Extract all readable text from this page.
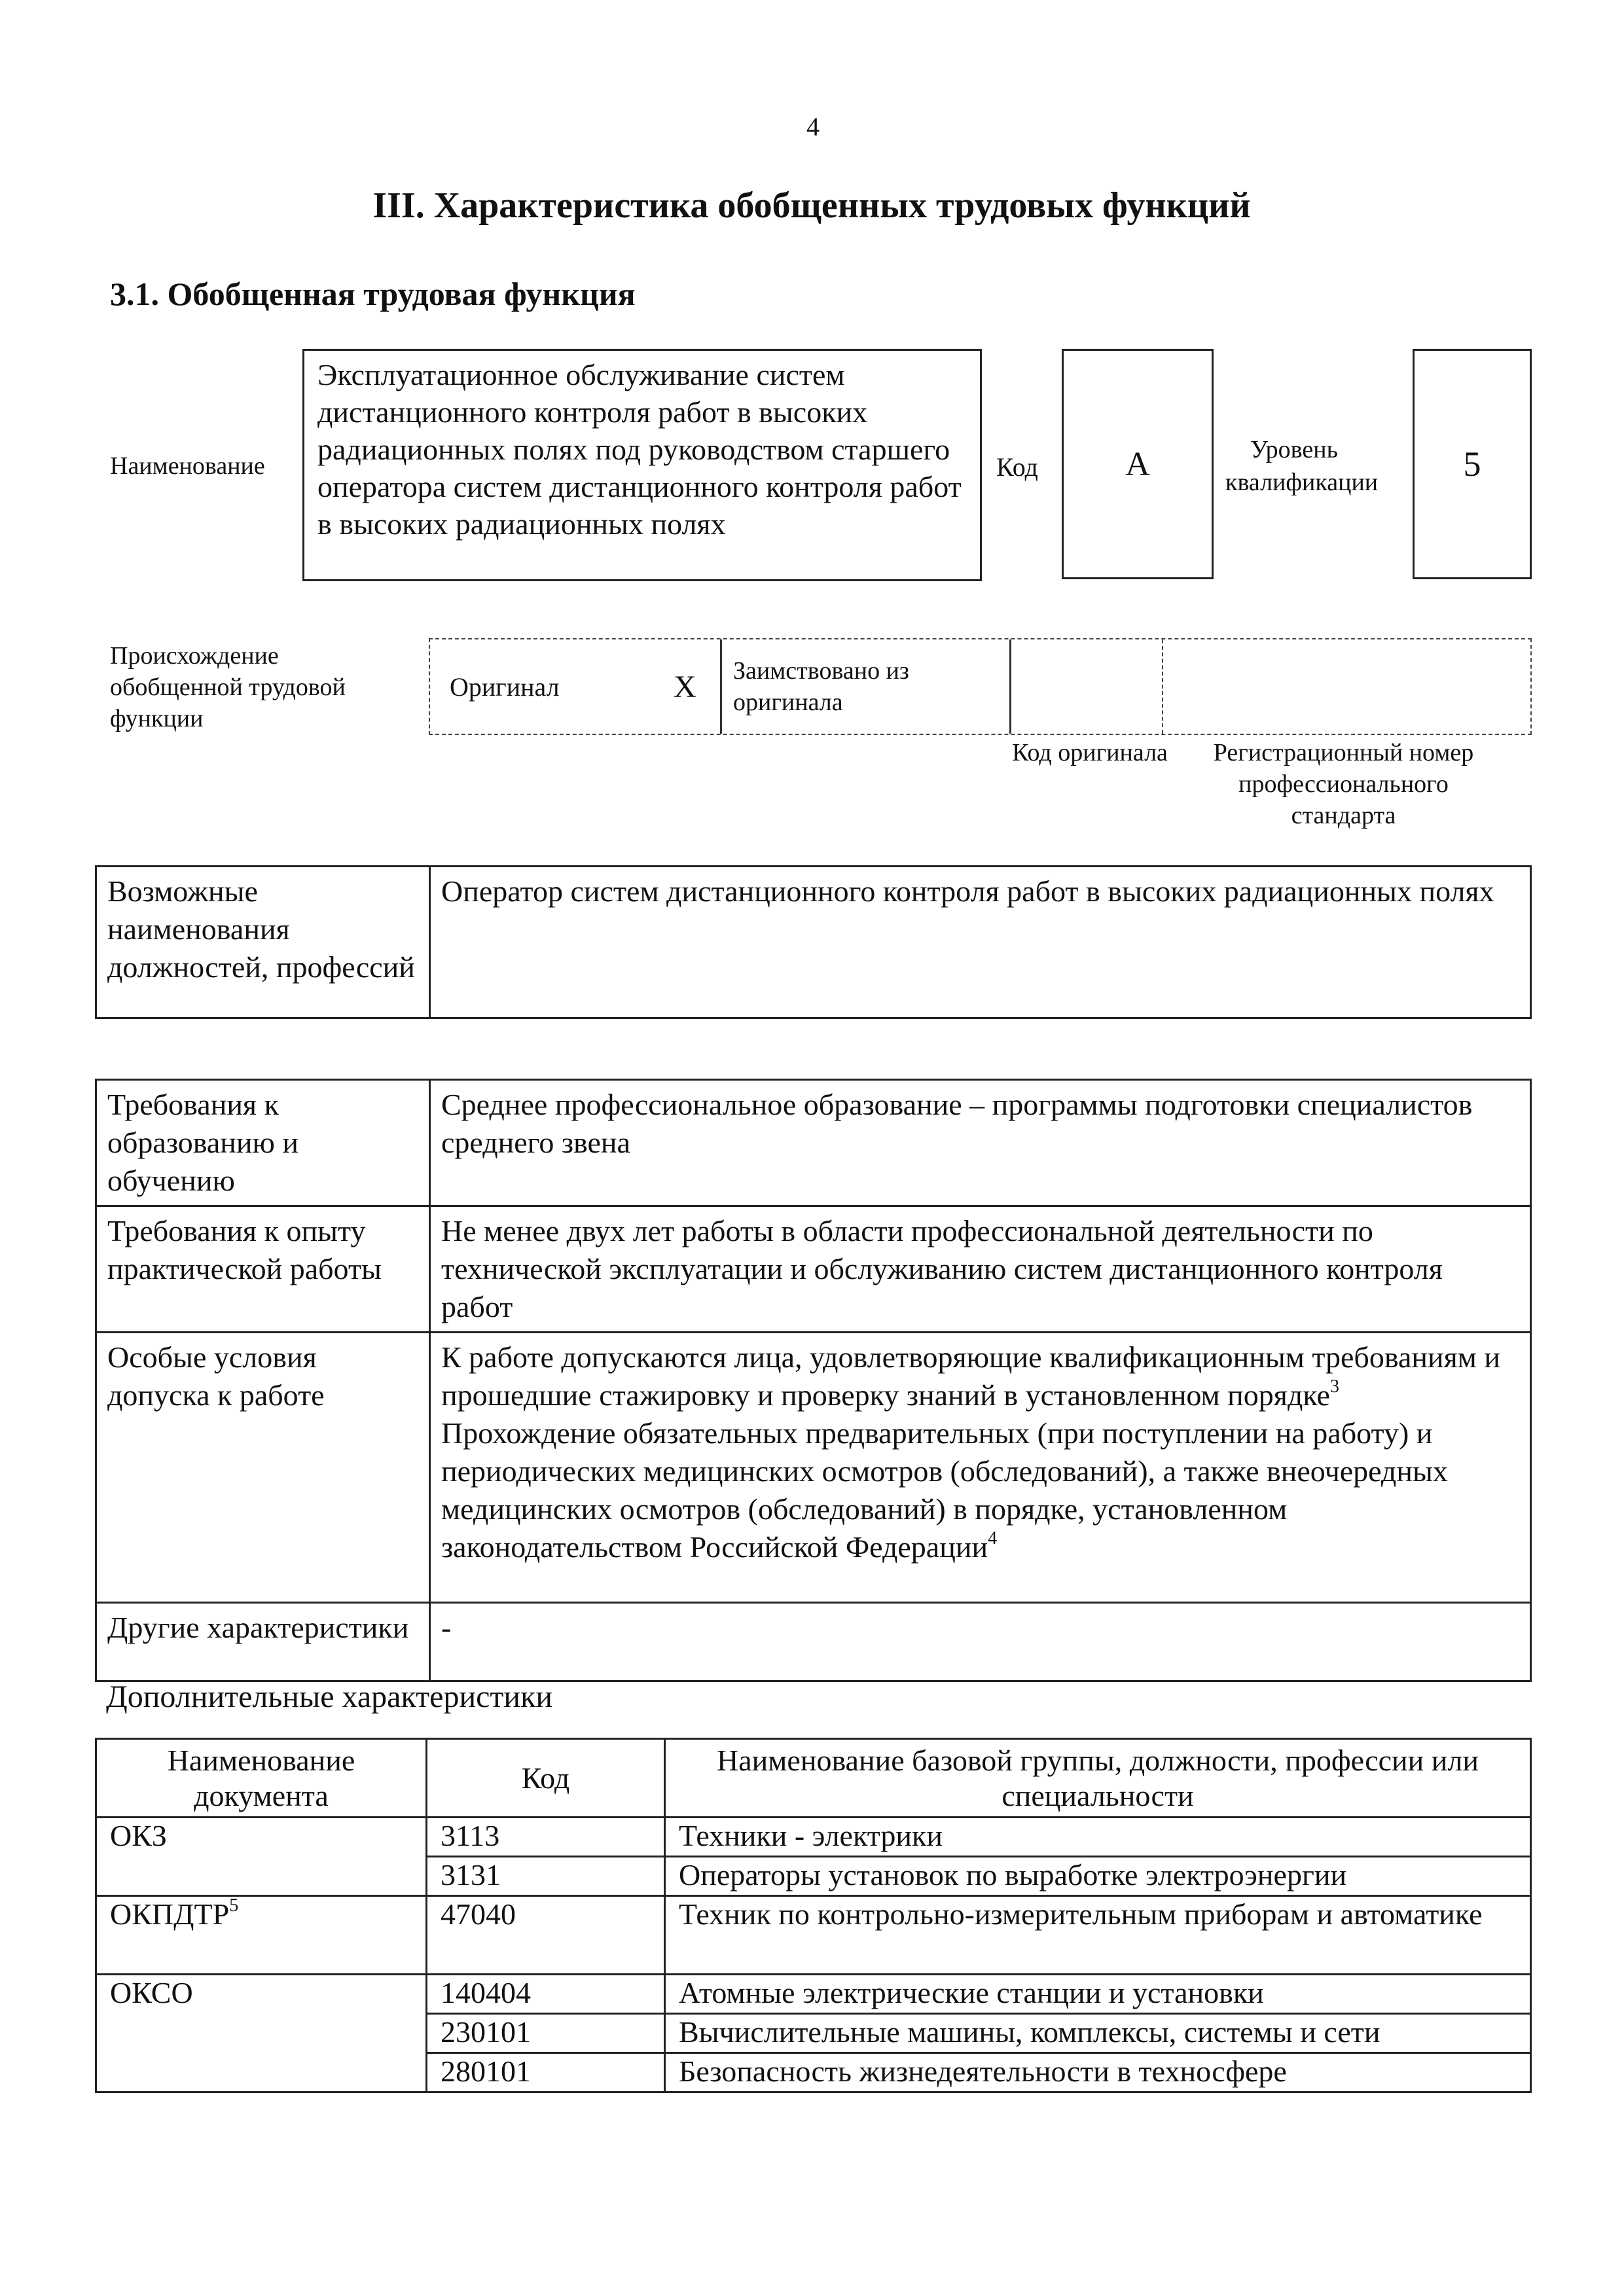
4
III. Характеристика обобщенных трудовых функций
3.1. Обобщенная трудовая функция
Наименование
Эксплуатационное обслуживание систем дистанционного контроля работ в высоких радиационных полях под руководством старшего оператора систем дистанционного контроля работ в высоких радиационных полях
Код	A	Уровень квалификации 5
Происхождение обобщенной трудовой функции
Оригинал	X Заимствовано из оригинала
Код оригинала	Регистрационный номер профессионального стандарта
Возможные наименования должностей, профессий	Оператор систем дистанционного контроля работ в высоких радиационных полях
Требования к образованию и обучению	Среднее профессиональное образование – программы подготовки специалистов среднего звена
Требования к опыту практической работы	Не менее двух лет работы в области профессиональной деятельности по технической эксплуатации и обслуживанию систем дистанционного контроля работ
Особые условия допуска к работе	К работе допускаются лица, удовлетворяющие квалификационным требованиям и прошедшие стажировку и проверку знаний в установленном порядке$^3$
Прохождение обязательных предварительных (при поступлении на работу) и периодических медицинских осмотров (обследований), а также внеочередных медицинских осмотров (обследований) в порядке, установленном законодательством Российской Федерации$^4$
Другие характеристики	-
Дополнительные характеристики
Наименование документа	Код	Наименование базовой группы, должности, профессии или специальности
ОКЗ	3113	Техники - электрики
	3131	Операторы установок по выработке электроэнергии
ОКПДТР$^5$	47040	Техник по контрольно-измерительным приборам и автоматике
ОКСО	140404	Атомные электрические станции и установки
	230101	Вычислительные машины, комплексы, системы и сети
	280101	Безопасность жизнедеятельности в техносфере
